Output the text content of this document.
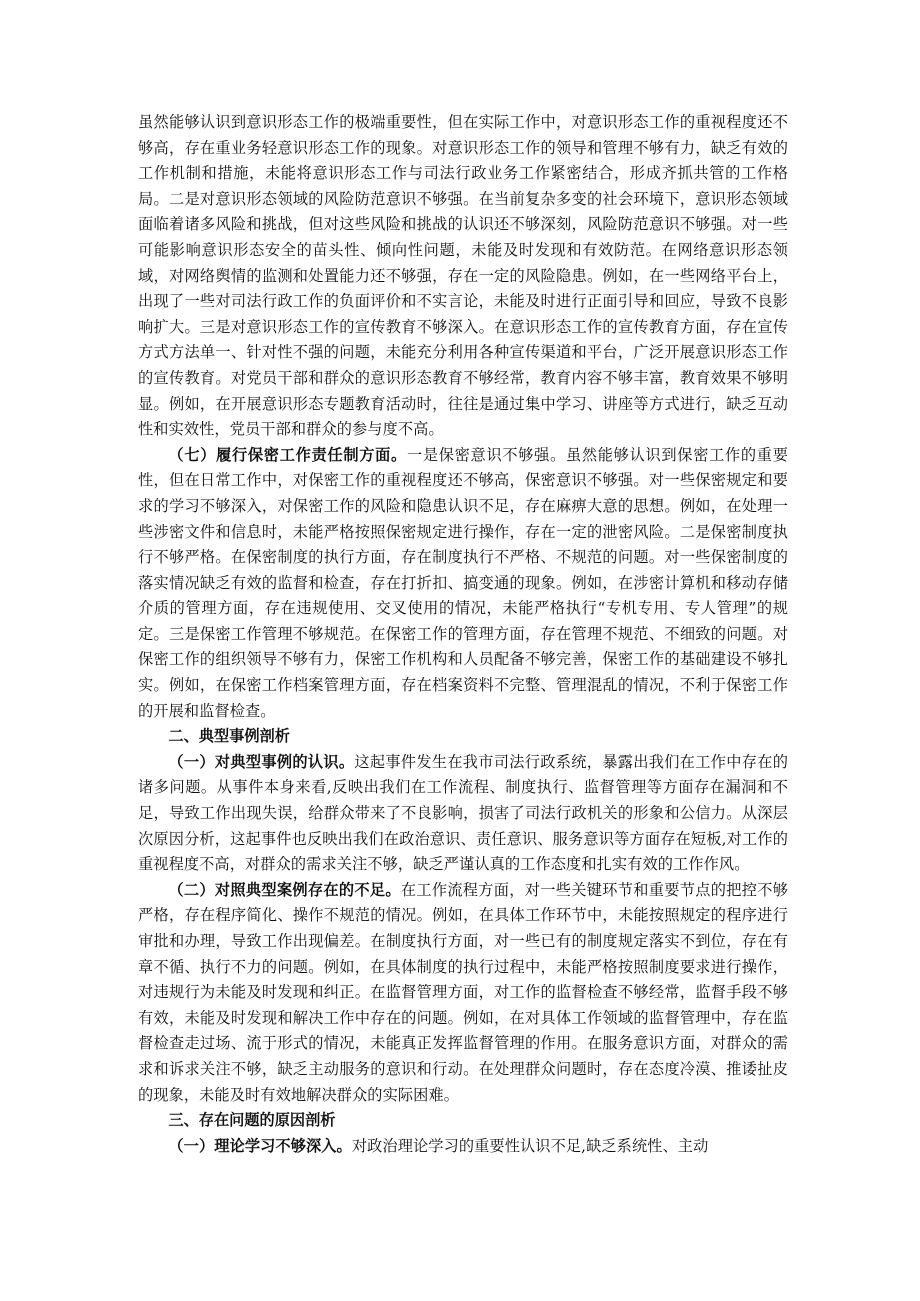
虽然能够认识到意识形态工作的极端重要性，但在实际工作中，对意识形态工作的重视程度还不够高，存在重业务轻意识形态工作的现象。对意识形态工作的领导和管理不够有力，缺乏有效的工作机制和措施，未能将意识形态工作与司法行政业务工作紧密结合，形成齐抓共管的工作格局。二是对意识形态领域的风险防范意识不够强。在当前复杂多变的社会环境下，意识形态领域面临着诸多风险和挑战，但对这些风险和挑战的认识还不够深刻，风险防范意识不够强。对一些可能影响意识形态安全的苗头性、倾向性问题，未能及时发现和有效防范。在网络意识形态领域，对网络舆情的监测和处置能力还不够强，存在一定的风险隐患。例如，在一些网络平台上，出现了一些对司法行政工作的负面评价和不实言论，未能及时进行正面引导和回应，导致不良影响扩大。三是对意识形态工作的宣传教育不够深入。在意识形态工作的宣传教育方面，存在宣传方式方法单一、针对性不强的问题，未能充分利用各种宣传渠道和平台，广泛开展意识形态工作的宣传教育。对党员干部和群众的意识形态教育不够经常，教育内容不够丰富，教育效果不够明显。例如，在开展意识形态专题教育活动时，往往是通过集中学习、讲座等方式进行，缺乏互动性和实效性，党员干部和群众的参与度不高。

（七）履行保密工作责任制方面。一是保密意识不够强。虽然能够认识到保密工作的重要性，但在日常工作中，对保密工作的重视程度还不够高，保密意识不够强。对一些保密规定和要求的学习不够深入，对保密工作的风险和隐患认识不足，存在麻痹大意的思想。例如，在处理一些涉密文件和信息时，未能严格按照保密规定进行操作，存在一定的泄密风险。二是保密制度执行不够严格。在保密制度的执行方面，存在制度执行不严格、不规范的问题。对一些保密制度的落实情况缺乏有效的监督和检查，存在打折扣、搞变通的现象。例如，在涉密计算机和移动存储介质的管理方面，存在违规使用、交叉使用的情况，未能严格执行“专机专用、专人管理”的规定。三是保密工作管理不够规范。在保密工作的管理方面，存在管理不规范、不细致的问题。对保密工作的组织领导不够有力，保密工作机构和人员配备不够完善，保密工作的基础建设不够扎实。例如，在保密工作档案管理方面，存在档案资料不完整、管理混乱的情况，不利于保密工作的开展和监督检查。

二、典型事例剖析

（一）对典型事例的认识。这起事件发生在我市司法行政系统，暴露出我们在工作中存在的诸多问题。从事件本身来看,反映出我们在工作流程、制度执行、监督管理等方面存在漏洞和不足，导致工作出现失误，给群众带来了不良影响，损害了司法行政机关的形象和公信力。从深层次原因分析，这起事件也反映出我们在政治意识、责任意识、服务意识等方面存在短板,对工作的重视程度不高，对群众的需求关注不够，缺乏严谨认真的工作态度和扎实有效的工作作风。

（二）对照典型案例存在的不足。在工作流程方面，对一些关键环节和重要节点的把控不够严格，存在程序简化、操作不规范的情况。例如，在具体工作环节中，未能按照规定的程序进行审批和办理，导致工作出现偏差。在制度执行方面，对一些已有的制度规定落实不到位，存在有章不循、执行不力的问题。例如，在具体制度的执行过程中，未能严格按照制度要求进行操作，对违规行为未能及时发现和纠正。在监督管理方面，对工作的监督检查不够经常，监督手段不够有效，未能及时发现和解决工作中存在的问题。例如，在对具体工作领域的监督管理中，存在监督检查走过场、流于形式的情况，未能真正发挥监督管理的作用。在服务意识方面，对群众的需求和诉求关注不够，缺乏主动服务的意识和行动。在处理群众问题时，存在态度冷漠、推诿扯皮的现象，未能及时有效地解决群众的实际困难。

三、存在问题的原因剖析

（一）理论学习不够深入。对政治理论学习的重要性认识不足,缺乏系统性、主动
